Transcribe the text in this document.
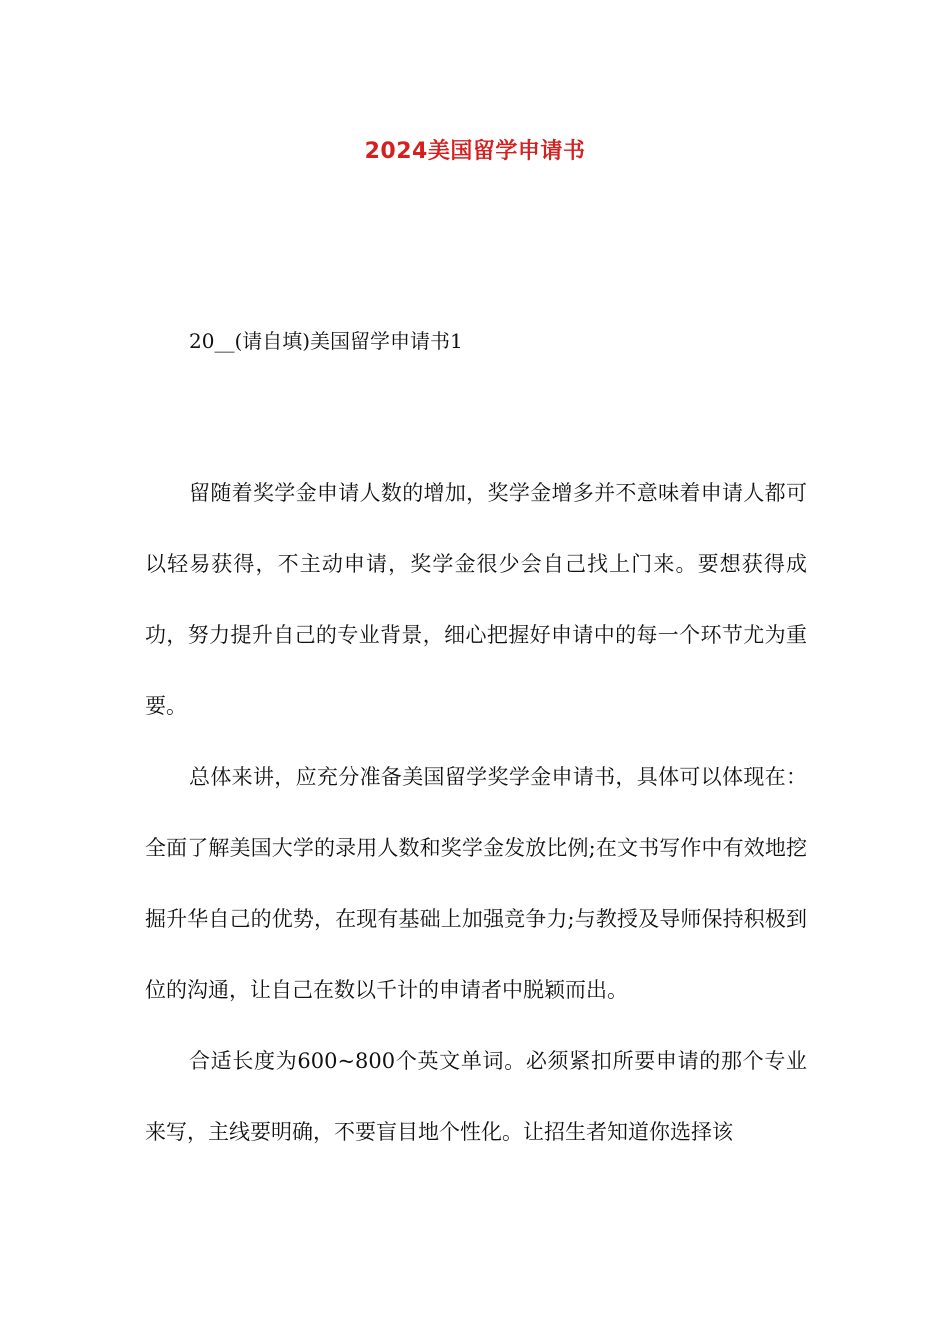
2024美国留学申请书
20__(请自填)美国留学申请书1

留随着奖学金申请人数的增加，奖学金增多并不意味着申请人都可以轻易获得，不主动申请，奖学金很少会自己找上门来。要想获得成功，努力提升自己的专业背景，细心把握好申请中的每一个环节尤为重要。

总体来讲，应充分准备美国留学奖学金申请书，具体可以体现在：全面了解美国大学的录用人数和奖学金发放比例;在文书写作中有效地挖掘升华自己的优势，在现有基础上加强竞争力;与教授及导师保持积极到位的沟通，让自己在数以千计的申请者中脱颖而出。

合适长度为600~800个英文单词。必须紧扣所要申请的那个专业来写，主线要明确，不要盲目地个性化。让招生者知道你选择该
